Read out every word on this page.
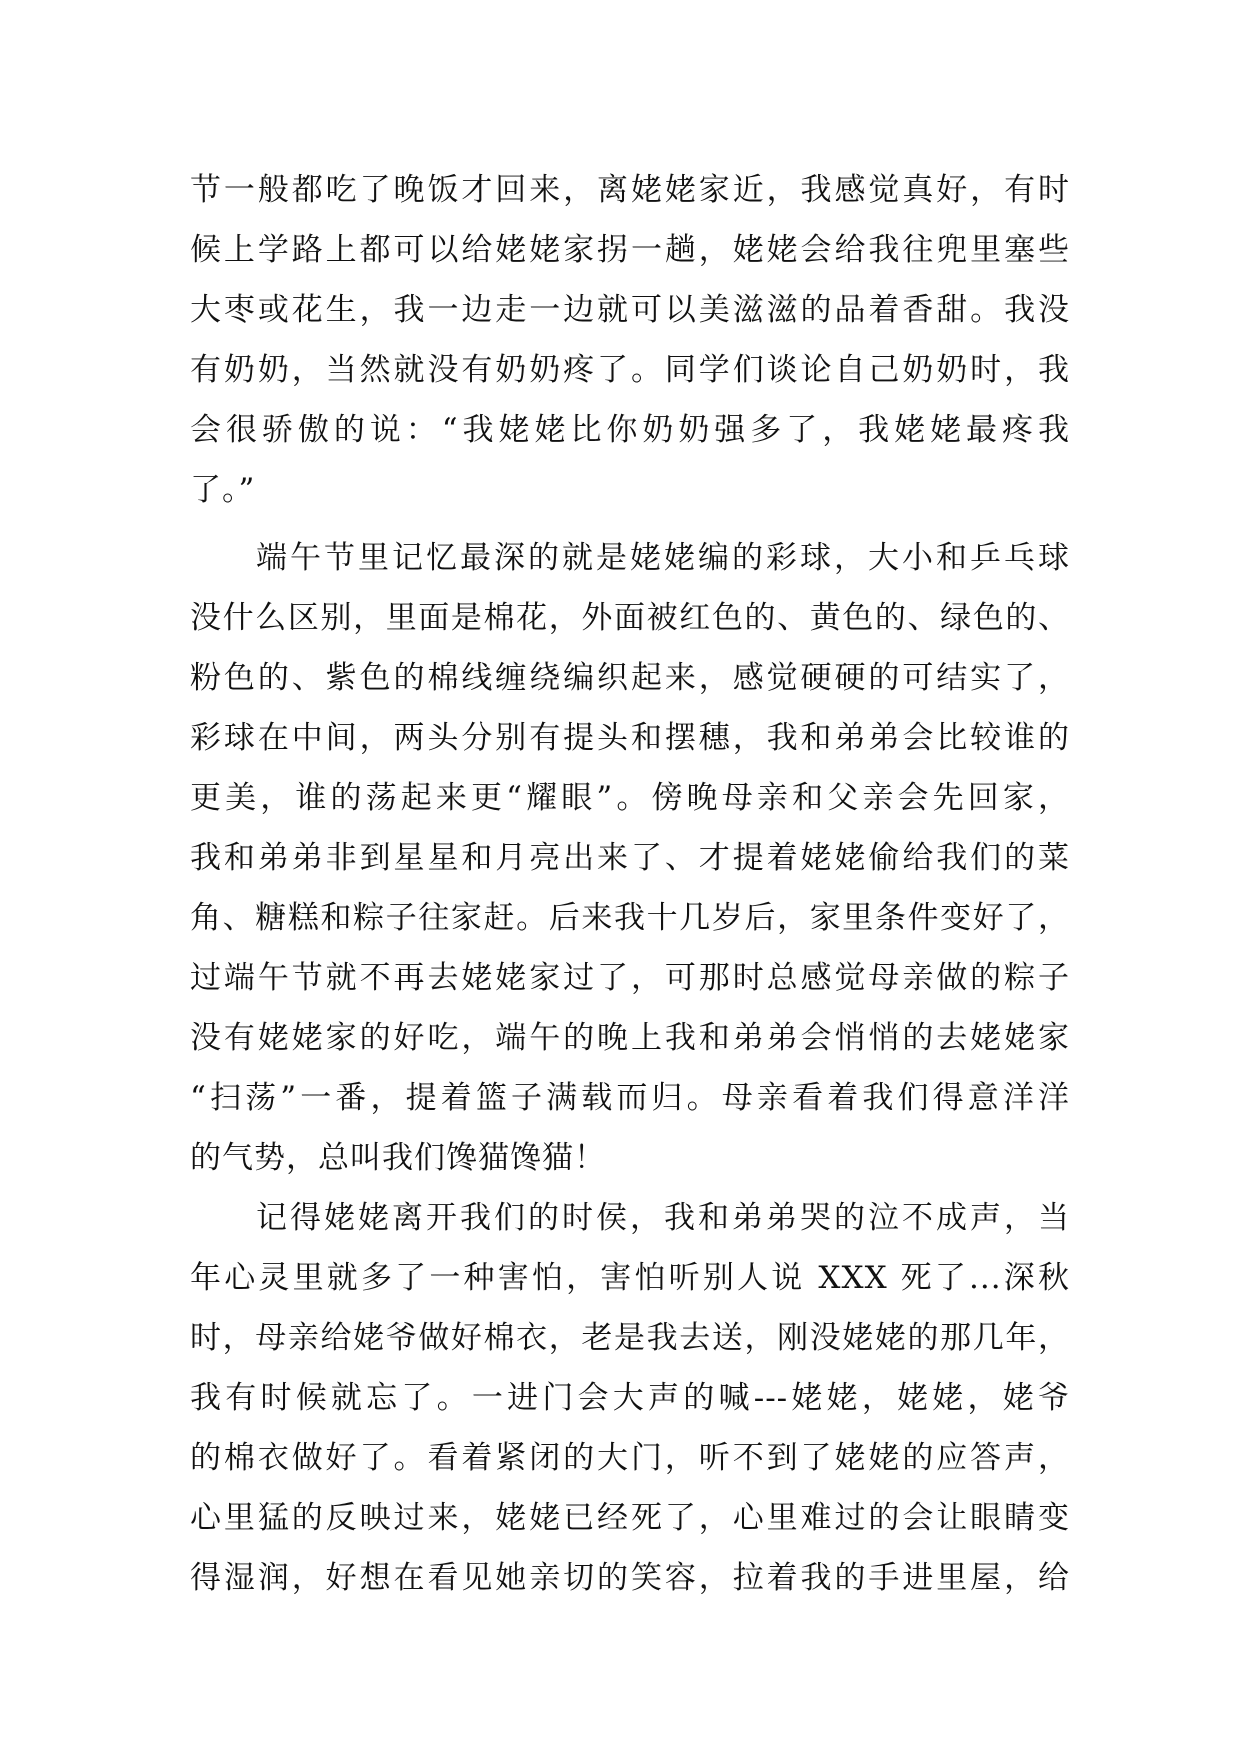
节一般都吃了晚饭才回来，离姥姥家近，我感觉真好，有时
候上学路上都可以给姥姥家拐一趟，姥姥会给我往兜里塞些
大枣或花生，我一边走一边就可以美滋滋的品着香甜。我没
有奶奶，当然就没有奶奶疼了。同学们谈论自己奶奶时，我
会很骄傲的说：“我姥姥比你奶奶强多了，我姥姥最疼我
了。”
端午节里记忆最深的就是姥姥编的彩球，大小和乒乓球
没什么区别，里面是棉花，外面被红色的、黄色的、绿色的、
粉色的、紫色的棉线缠绕编织起来，感觉硬硬的可结实了，
彩球在中间，两头分别有提头和摆穗，我和弟弟会比较谁的
更美，谁的荡起来更“耀眼”。傍晚母亲和父亲会先回家，
我和弟弟非到星星和月亮出来了、才提着姥姥偷给我们的菜
角、糖糕和粽子往家赶。后来我十几岁后，家里条件变好了，
过端午节就不再去姥姥家过了，可那时总感觉母亲做的粽子
没有姥姥家的好吃，端午的晚上我和弟弟会悄悄的去姥姥家
“扫荡”一番，提着篮子满载而归。母亲看着我们得意洋洋
的气势，总叫我们馋猫馋猫！
记得姥姥离开我们的时侯，我和弟弟哭的泣不成声，当
年心灵里就多了一种害怕，害怕听别人说 XXX 死了...深秋
时，母亲给姥爷做好棉衣，老是我去送，刚没姥姥的那几年，
我有时候就忘了。一进门会大声的喊---姥姥，姥姥，姥爷
的棉衣做好了。看着紧闭的大门，听不到了姥姥的应答声，
心里猛的反映过来，姥姥已经死了，心里难过的会让眼睛变
得湿润，好想在看见她亲切的笑容，拉着我的手进里屋，给
